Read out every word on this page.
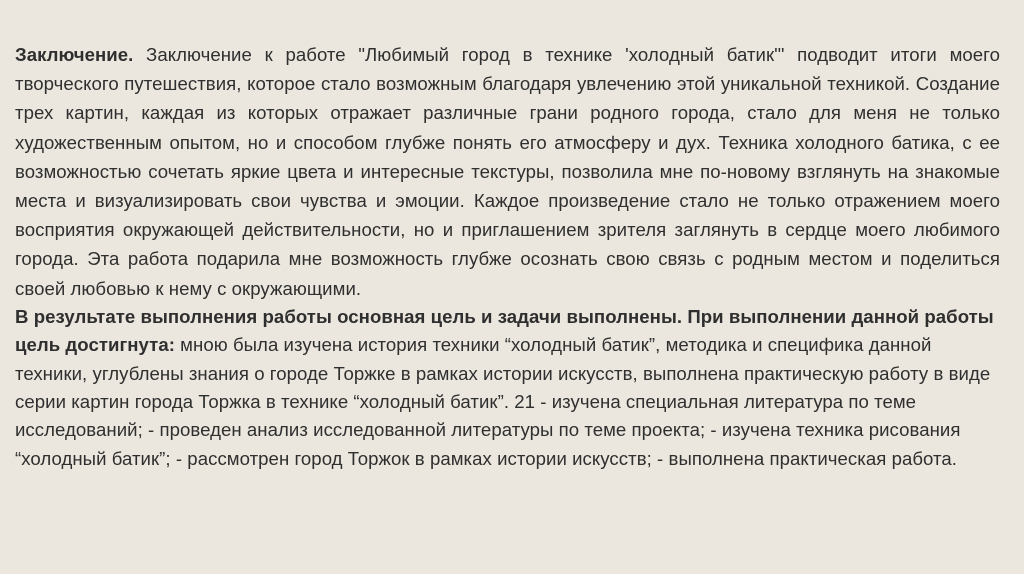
Заключение. Заключение к работе "Любимый город в технике 'холодный батик'" подводит итоги моего творческого путешествия, которое стало возможным благодаря увлечению этой уникальной техникой. Создание трех картин, каждая из которых отражает различные грани родного города, стало для меня не только художественным опытом, но и способом глубже понять его атмосферу и дух. Техника холодного батика, с ее возможностью сочетать яркие цвета и интересные текстуры, позволила мне по-новому взглянуть на знакомые места и визуализировать свои чувства и эмоции. Каждое произведение стало не только отражением моего восприятия окружающей действительности, но и приглашением зрителя заглянуть в сердце моего любимого города. Эта работа подарила мне возможность глубже осознать свою связь с родным местом и поделиться своей любовью к нему с окружающими.

В результате выполнения работы основная цель и задачи выполнены. При выполнении данной работы цель достигнута: мною была изучена история техники “холодный батик”, методика и специфика данной техники, углублены знания о городе Торжке в рамках истории искусств, выполнена практическую работу в виде серии картин города Торжка в технике “холодный батик”. 21 - изучена специальная литература по теме исследований; - проведен анализ исследованной литературы по теме проекта; - изучена техника рисования “холодный батик”; - рассмотрен город Торжок в рамках истории искусств; - выполнена практическая работа.
